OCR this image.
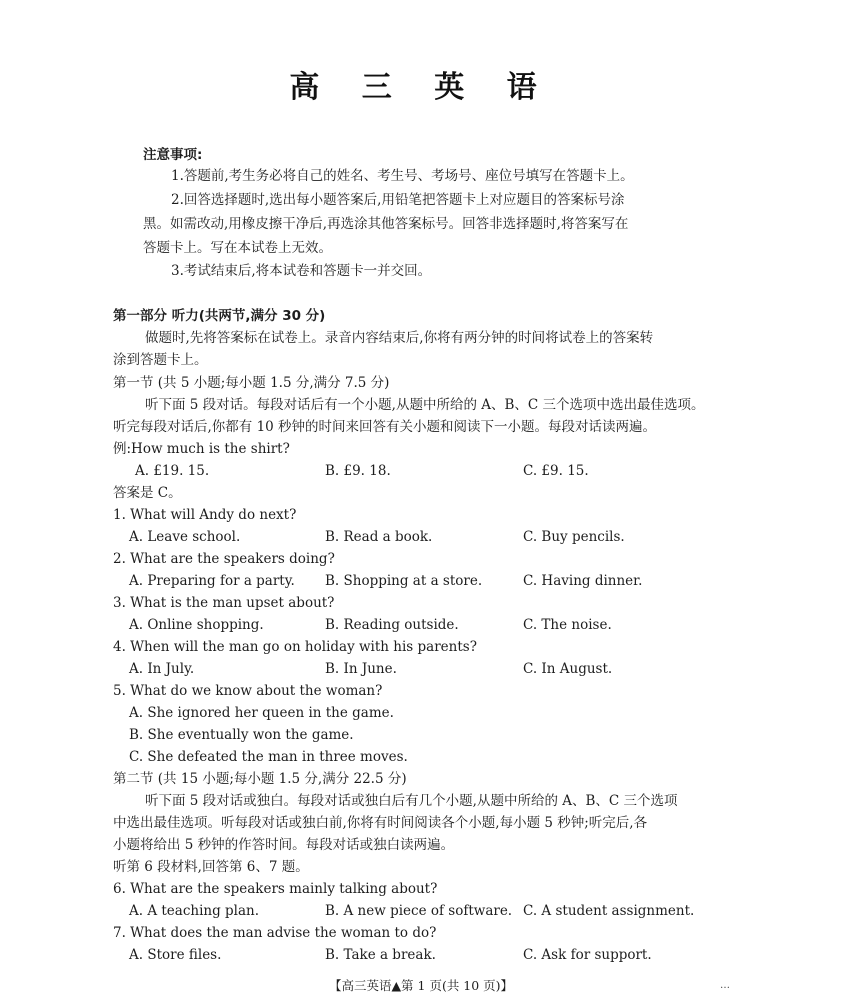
高 三 英 语
注意事项:
1.答题前,考生务必将自己的姓名、考生号、考场号、座位号填写在答题卡上。
2.回答选择题时,选出每小题答案后,用铅笔把答题卡上对应题目的答案标号涂
黑。如需改动,用橡皮擦干净后,再选涂其他答案标号。回答非选择题时,将答案写在
答题卡上。写在本试卷上无效。
3.考试结束后,将本试卷和答题卡一并交回。
第一部分 听力(共两节,满分 30 分)
做题时,先将答案标在试卷上。录音内容结束后,你将有两分钟的时间将试卷上的答案转
涂到答题卡上。
第一节 (共 5 小题;每小题 1.5 分,满分 7.5 分)
听下面 5 段对话。每段对话后有一个小题,从题中所给的 A、B、C 三个选项中选出最佳选项。
听完每段对话后,你都有 10 秒钟的时间来回答有关小题和阅读下一小题。每段对话读两遍。
例:How much is the shirt?
A. £19. 15.	B. £9. 18.	C. £9. 15.
答案是 C。
1. What will Andy do next?
A. Leave school.	B. Read a book.	C. Buy pencils.
2. What are the speakers doing?
A. Preparing for a party. B. Shopping at a store.	C. Having dinner.
3. What is the man upset about?
A. Online shopping.	B. Reading outside.	C. The noise.
4. When will the man go on holiday with his parents?
A. In July.	B. In June.	C. In August.
5. What do we know about the woman?
A. She ignored her queen in the game.
B. She eventually won the game.
C. She defeated the man in three moves.
第二节 (共 15 小题;每小题 1.5 分,满分 22.5 分)
听下面 5 段对话或独白。每段对话或独白后有几个小题,从题中所给的 A、B、C 三个选项
中选出最佳选项。听每段对话或独白前,你将有时间阅读各个小题,每小题 5 秒钟;听完后,各
小题将给出 5 秒钟的作答时间。每段对话或独白读两遍。
听第 6 段材料,回答第 6、7 题。
6. What are the speakers mainly talking about?
A. A teaching plan.	B. A new piece of software. C. A student assignment.
7. What does the man advise the woman to do?
A. Store files.	B. Take a break.	C. Ask for support.
【高三英语▲第 1 页(共 10 页)】	…
